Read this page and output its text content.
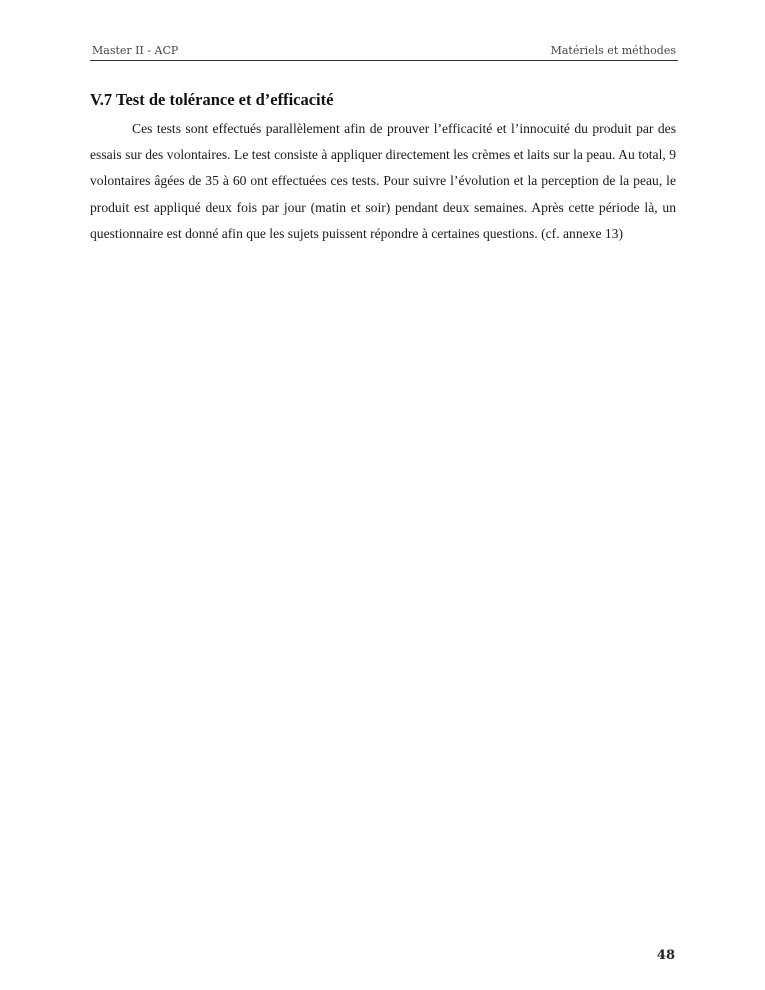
Master II - ACP	Matériels et méthodes
V.7 Test de tolérance et d’efficacité

Ces tests sont effectués parallèlement afin de prouver l’efficacité et l’innocuité du produit par des essais sur des volontaires. Le test consiste à appliquer directement les crèmes et laits sur la peau. Au total, 9 volontaires âgées de 35 à 60 ont effectuées ces tests. Pour suivre l’évolution et la perception de la peau, le produit est appliqué deux fois par jour (matin et soir) pendant deux semaines. Après cette période là, un questionnaire est donné afin que les sujets puissent répondre à certaines questions. (cf. annexe 13)

48
